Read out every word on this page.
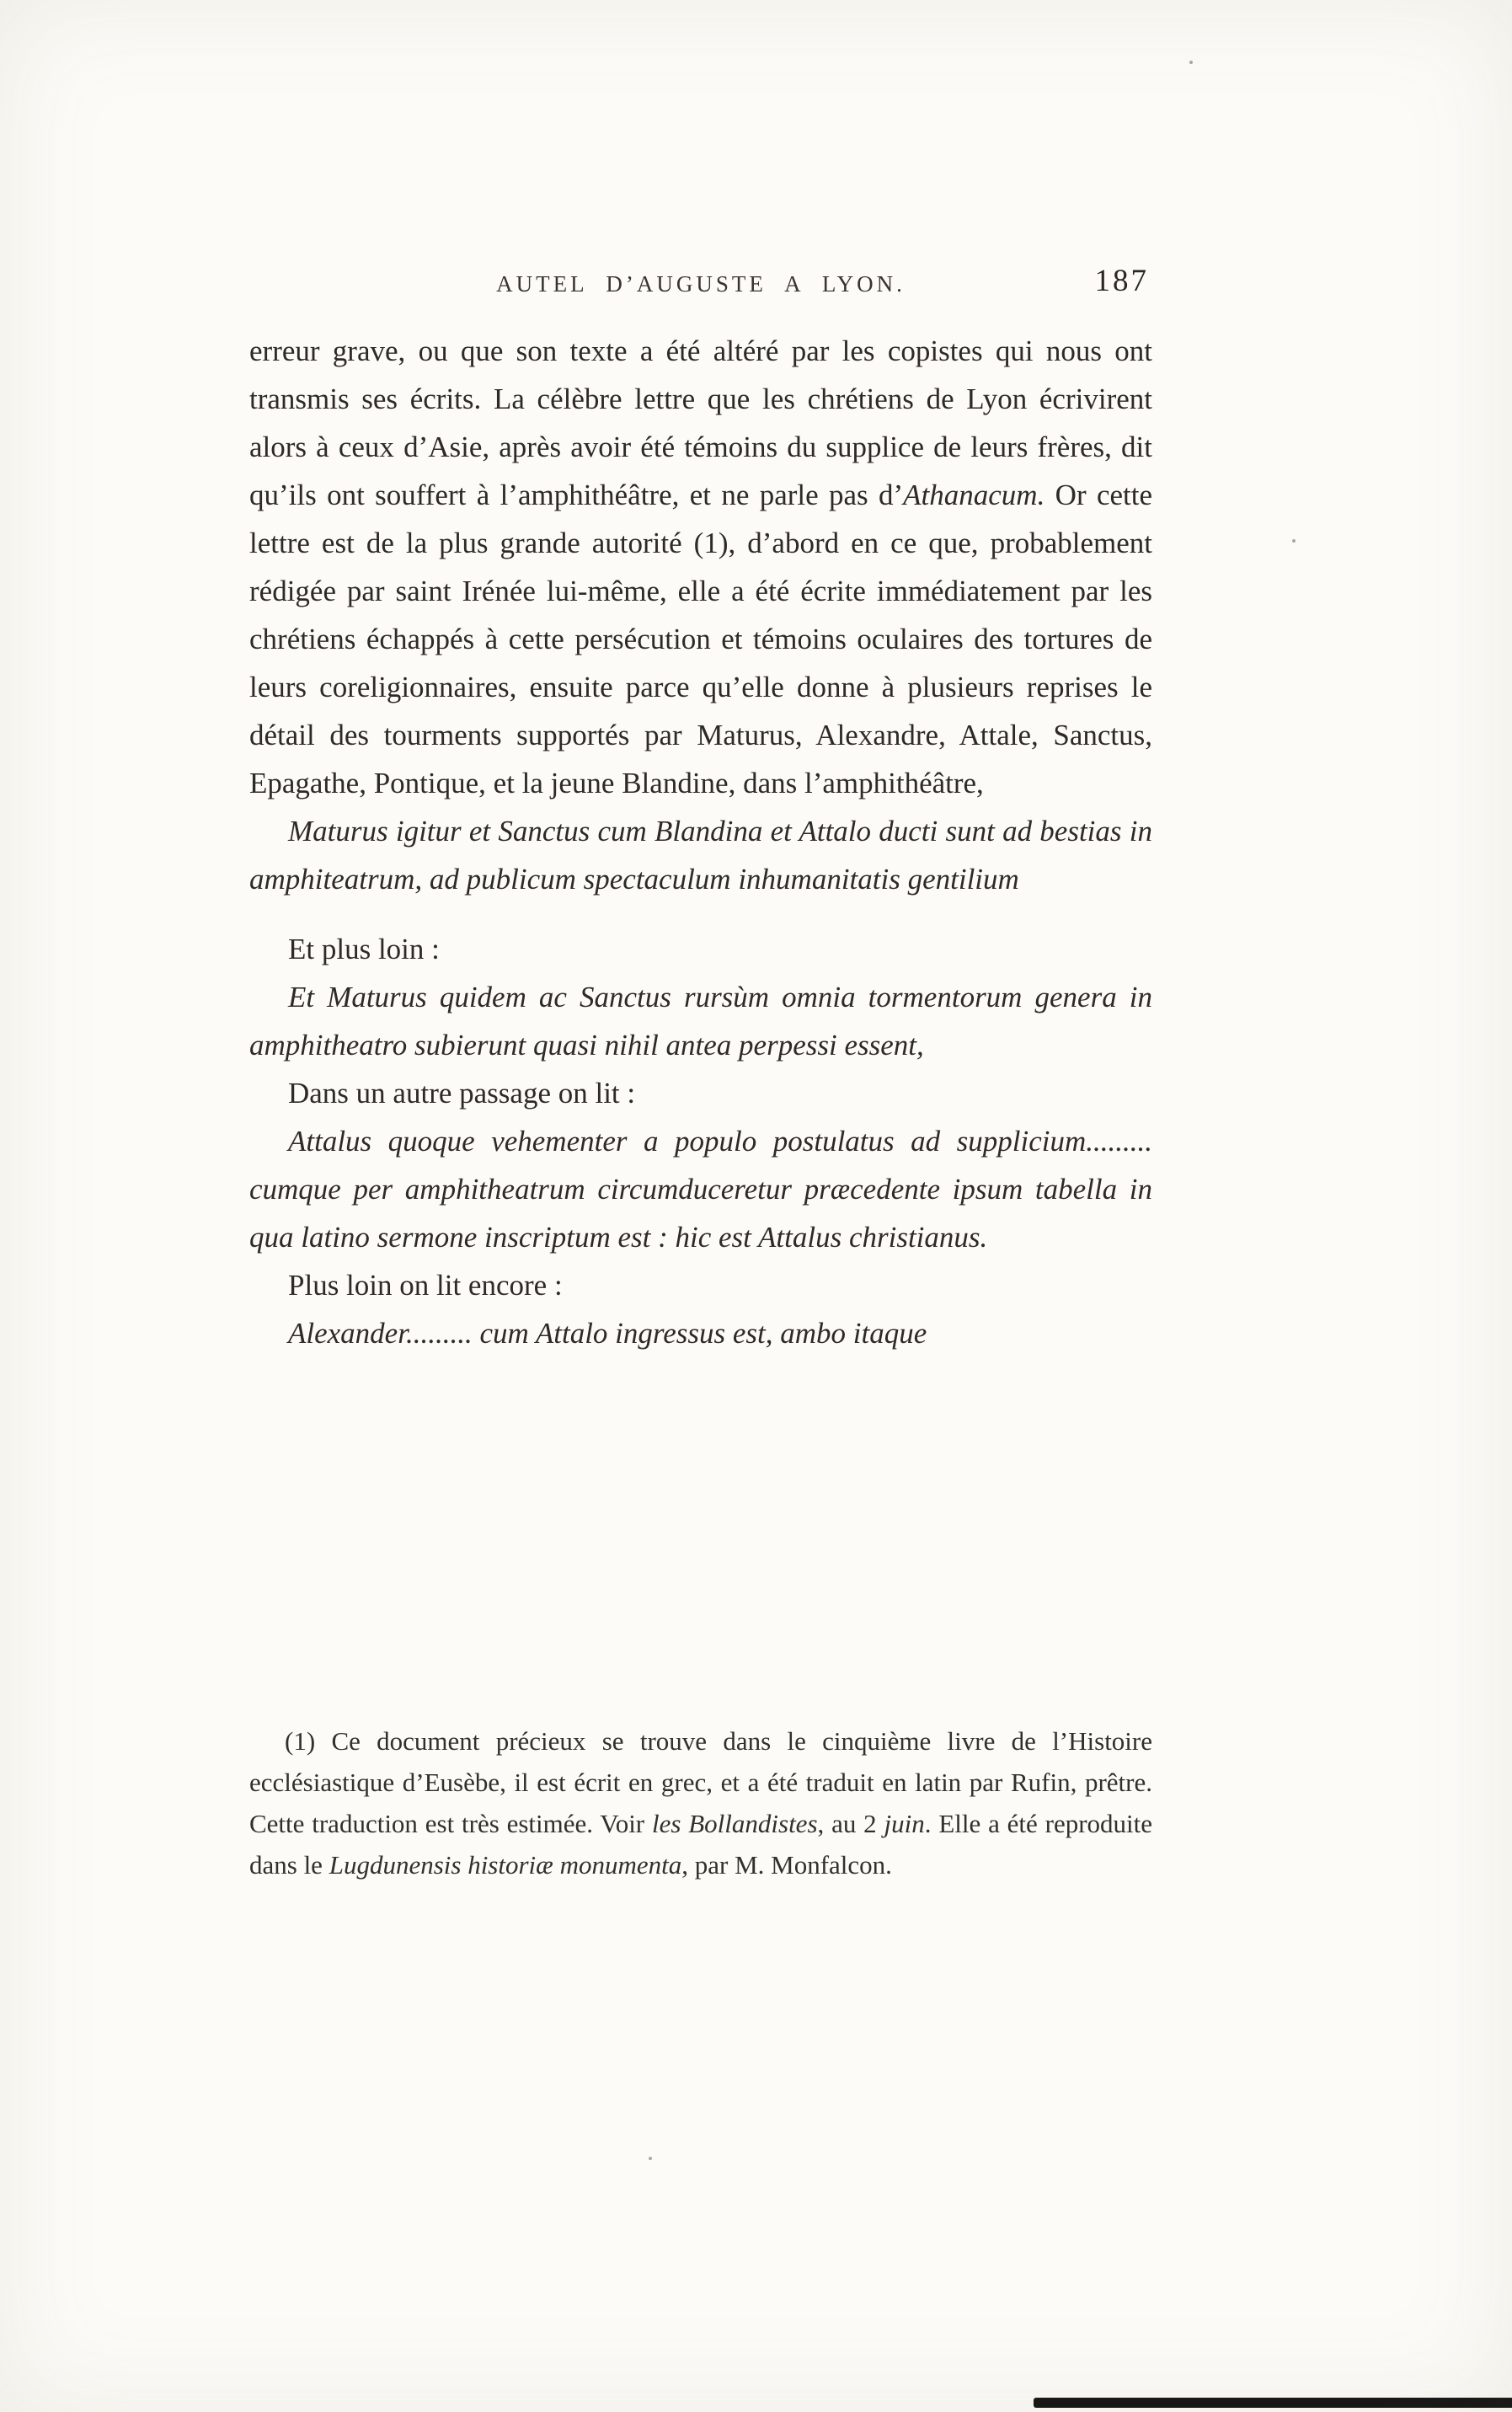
AUTEL D’AUGUSTE A LYON.	187

erreur grave, ou que son texte a été altéré par les copistes qui nous ont transmis ses écrits. La célèbre lettre que les chrétiens de Lyon écrivirent alors à ceux d’Asie, après avoir été témoins du supplice de leurs frères, dit qu’ils ont souffert à l’amphithéâtre, et ne parle pas d’Athanacum. Or cette lettre est de la plus grande autorité (1), d’abord en ce que, probablement rédigée par saint Irénée lui-même, elle a été écrite immédiatement par les chrétiens échappés à cette persécution et témoins oculaires des tortures de leurs coreligionnaires, ensuite parce qu’elle donne à plusieurs reprises le détail des tourments supportés par Maturus, Alexandre, Attale, Sanctus, Epagathe, Pontique, et la jeune Blandine, dans l’amphithéâtre,

Maturus igitur et Sanctus cum Blandina et Attalo ducti sunt ad bestias in amphiteatrum, ad publicum spectaculum inhumanitatis gentilium

Et plus loin :

Et Maturus quidem ac Sanctus rursùm omnia tormentorum genera in amphitheatro subierunt quasi nihil antea perpessi essent,

Dans un autre passage on lit :

Attalus quoque vehementer a populo postulatus ad supplicium......... cumque per amphitheatrum circumduceretur præcedente ipsum tabella in qua latino sermone inscriptum est : hic est Attalus christianus.

Plus loin on lit encore :

Alexander......... cum Attalo ingressus est, ambo itaque

(1) Ce document précieux se trouve dans le cinquième livre de l’Histoire ecclésiastique d’Eusèbe, il est écrit en grec, et a été traduit en latin par Rufin, prêtre. Cette traduction est très estimée. Voir les Bollandistes, au 2 juin. Elle a été reproduite dans le Lugdunensis historiæ monumenta, par M. Monfalcon.
